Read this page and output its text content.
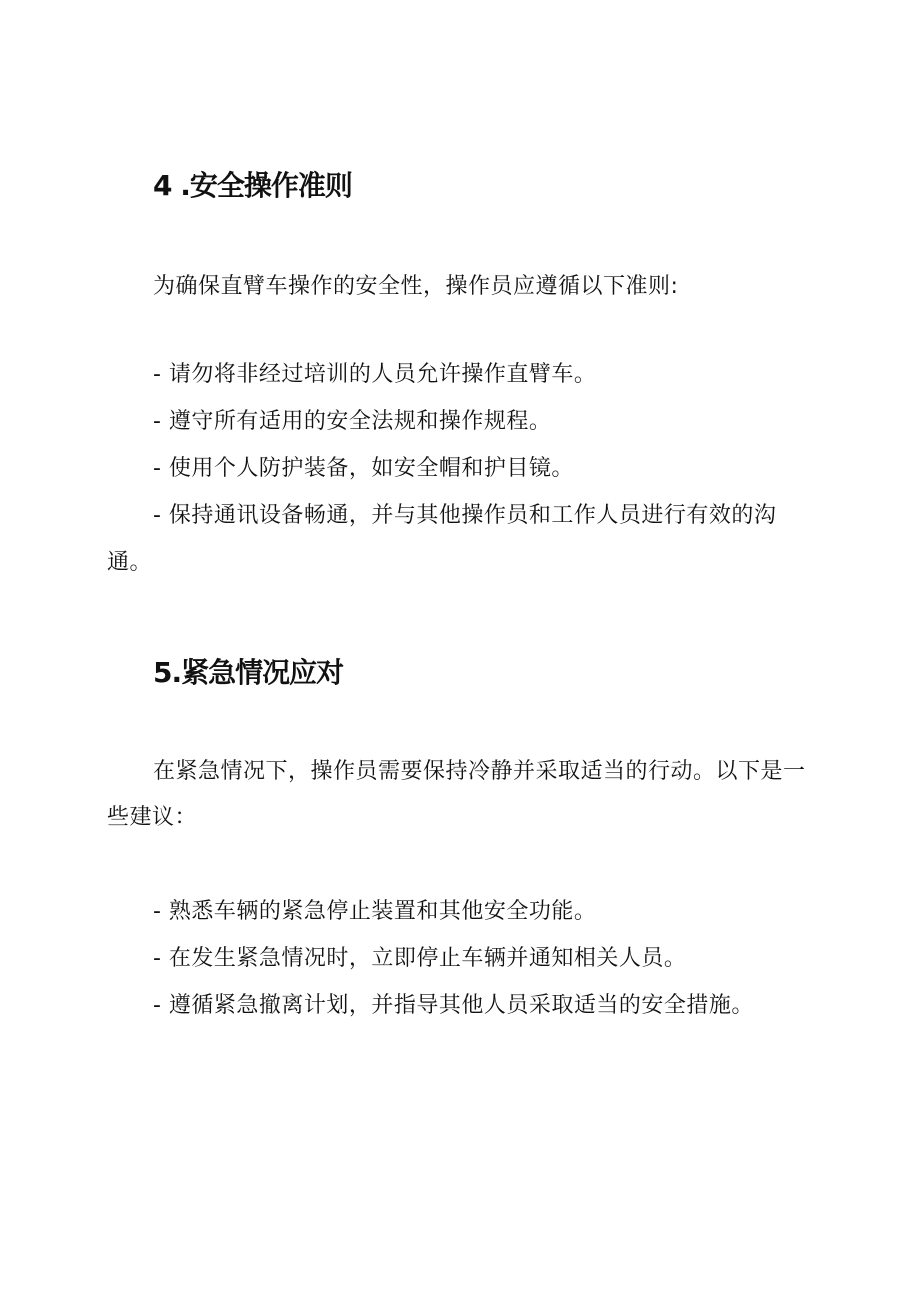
4 .安全操作准则

为确保直臂车操作的安全性，操作员应遵循以下准则:

- 请勿将非经过培训的人员允许操作直臂车。
- 遵守所有适用的安全法规和操作规程。
- 使用个人防护装备，如安全帽和护目镜。
- 保持通讯设备畅通，并与其他操作员和工作人员进行有效的沟通。
5.紧急情况应对

在紧急情况下，操作员需要保持冷静并采取适当的行动。以下是一些建议：

- 熟悉车辆的紧急停止装置和其他安全功能。
- 在发生紧急情况时，立即停止车辆并通知相关人员。
- 遵循紧急撤离计划，并指导其他人员采取适当的安全措施。
